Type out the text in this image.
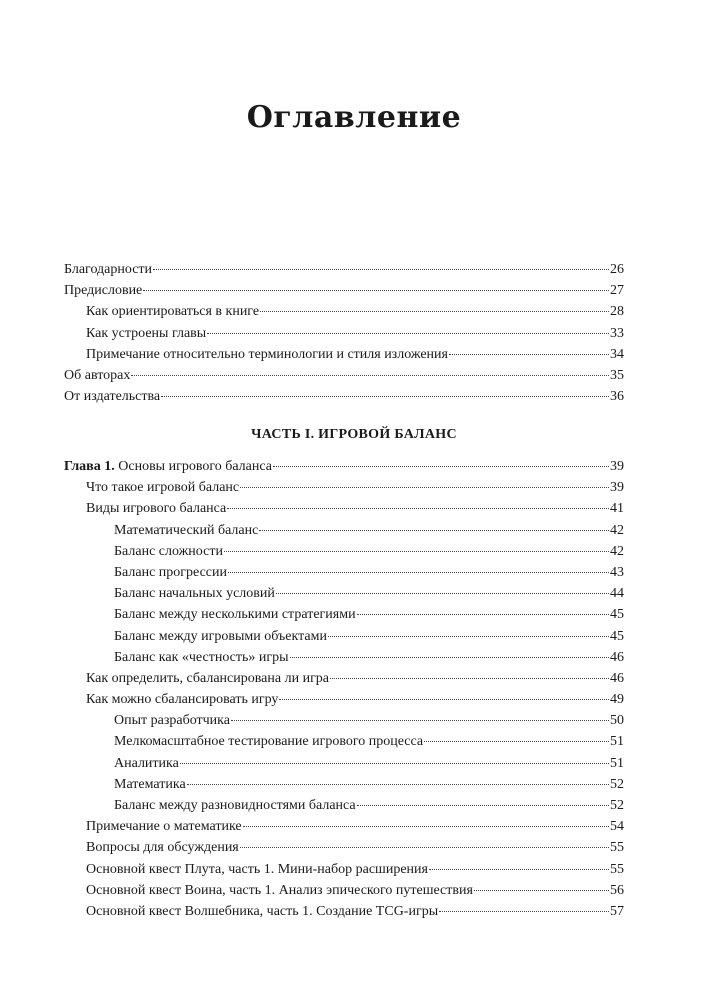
Оглавление
Благодарности	26
Предисловие	27
Как ориентироваться в книге	28
Как устроены главы	33
Примечание относительно терминологии и стиля изложения	34
Об авторах	35
От издательства	36
ЧАСТЬ I. ИГРОВОЙ БАЛАНС
Глава 1. Основы игрового баланса	39
Что такое игровой баланс	39
Виды игрового баланса	41
Математический баланс	42
Баланс сложности	42
Баланс прогрессии	43
Баланс начальных условий	44
Баланс между несколькими стратегиями	45
Баланс между игровыми объектами	45
Баланс как «честность» игры	46
Как определить, сбалансирована ли игра	46
Как можно сбалансировать игру	49
Опыт разработчика	50
Мелкомасштабное тестирование игрового процесса	51
Аналитика	51
Математика	52
Баланс между разновидностями баланса	52
Примечание о математике	54
Вопросы для обсуждения	55
Основной квест Плута, часть 1. Мини-набор расширения	55
Основной квест Воина, часть 1. Анализ эпического путешествия	56
Основной квест Волшебника, часть 1. Создание TCG-игры	57
